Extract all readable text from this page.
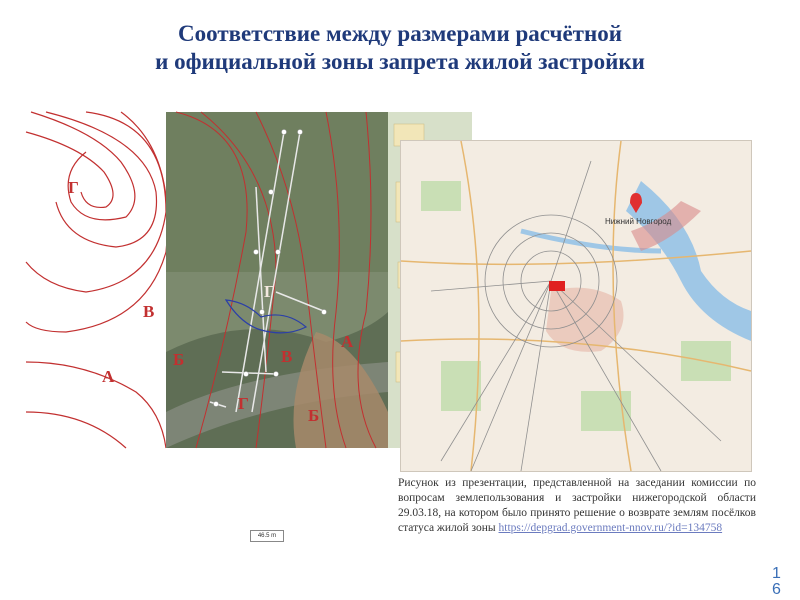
Соответствие между размерами расчётной
и официальной зоны запрета жилой застройки
Г
В
А
Б
Г
В
А
Г
Б
46.5 m
Нижний Новгород
Рисунок из презентации, представленной на заседании комиссии по вопросам землепользования и застройки нижегородской области 29.03.18, на котором было принято решение о возврате землям посёлков статуса жилой зоны https://depgrad.government-nnov.ru/?id=134758
16
